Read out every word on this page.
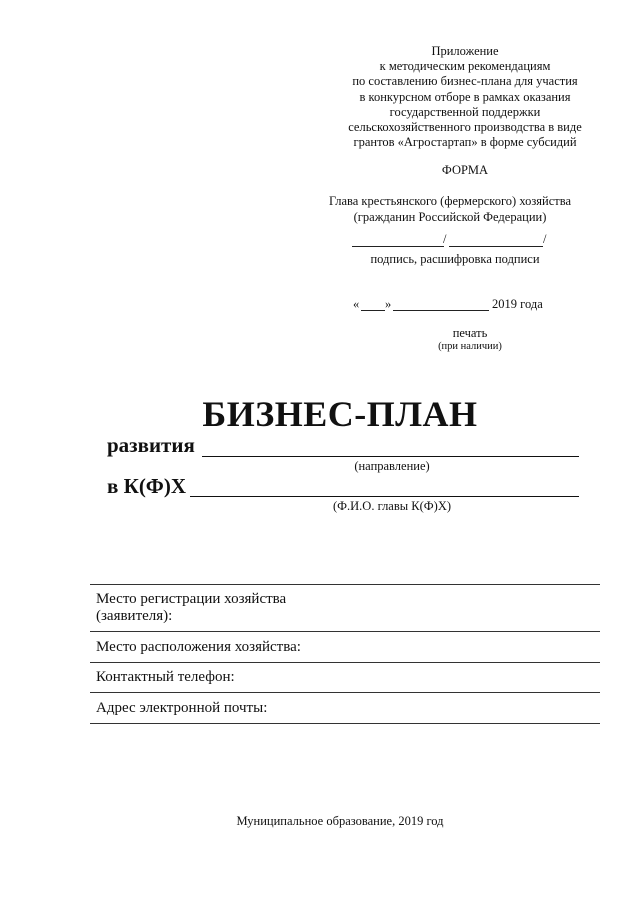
Приложение
к методическим рекомендациям
по составлению бизнес-плана для участия
в конкурсном отборе в рамках оказания
государственной поддержки
сельскохозяйственного производства в виде
грантов «Агростартап» в форме субсидий
ФОРМА
Глава крестьянского (фермерского) хозяйства
(гражданин Российской Федерации)
/	/
подпись, расшифровка подписи
« »	2019 года
печать
(при наличии)
БИЗНЕС-ПЛАН
развития
(направление)
в К(Ф)Х
(Ф.И.О. главы К(Ф)Х)
Место регистрации хозяйства
(заявителя):
Место расположения хозяйства:
Контактный телефон:
Адрес электронной почты:
Муниципальное образование, 2019 год
